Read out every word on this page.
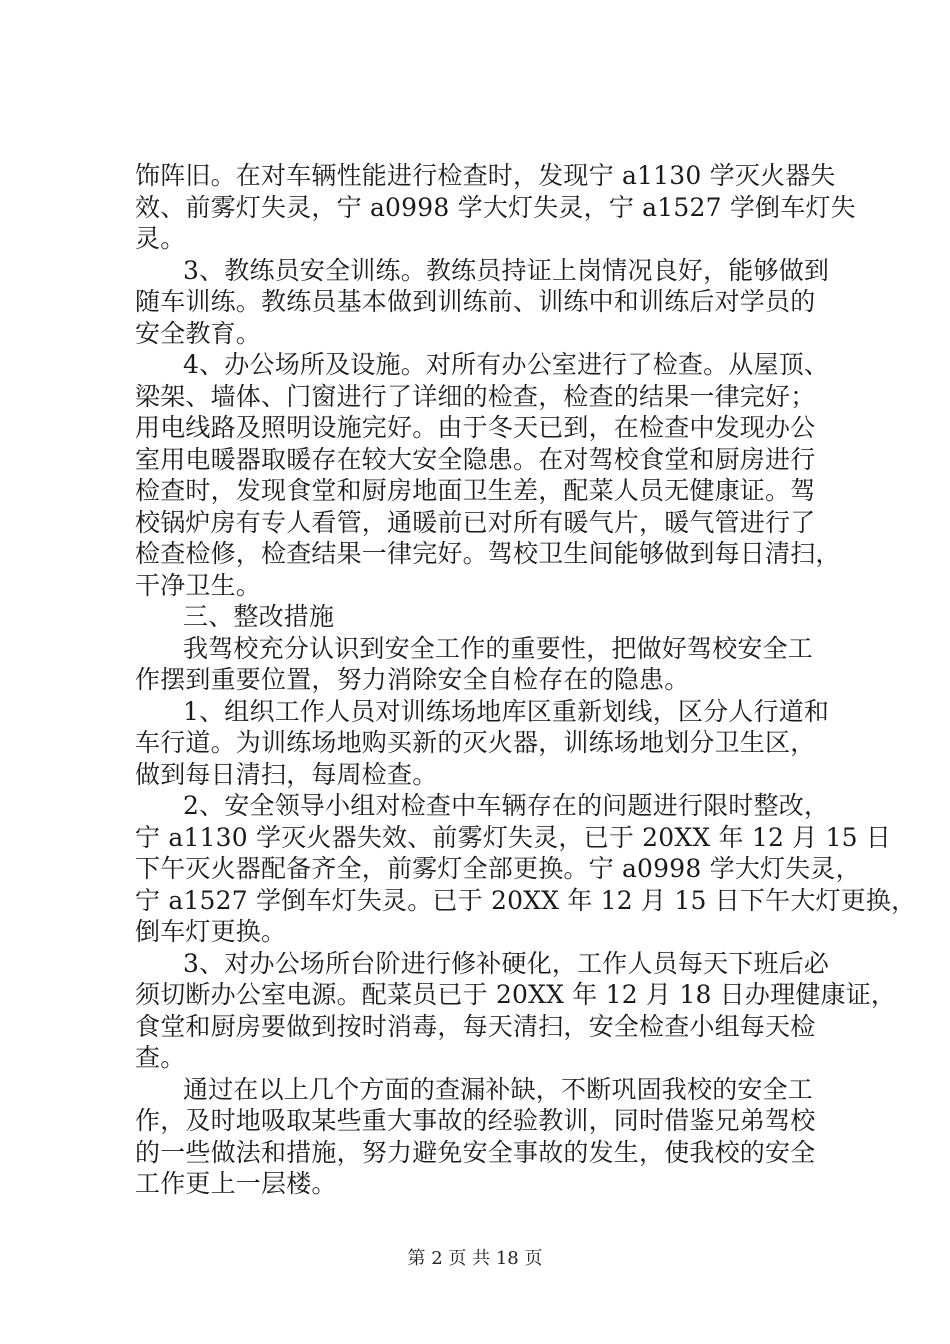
饰阵旧。在对车辆性能进行检查时，发现宁 a1130 学灭火器失
效、前雾灯失灵，宁 a0998 学大灯失灵，宁 a1527 学倒车灯失
灵。
3、教练员安全训练。教练员持证上岗情况良好，能够做到
随车训练。教练员基本做到训练前、训练中和训练后对学员的
安全教育。
4、办公场所及设施。对所有办公室进行了检查。从屋顶、
梁架、墙体、门窗进行了详细的检查，检查的结果一律完好；
用电线路及照明设施完好。由于冬天已到，在检查中发现办公
室用电暖器取暖存在较大安全隐患。在对驾校食堂和厨房进行
检查时，发现食堂和厨房地面卫生差，配菜人员无健康证。驾
校锅炉房有专人看管，通暖前已对所有暖气片，暖气管进行了
检查检修，检查结果一律完好。驾校卫生间能够做到每日清扫，
干净卫生。
三、整改措施
我驾校充分认识到安全工作的重要性，把做好驾校安全工
作摆到重要位置，努力消除安全自检存在的隐患。
1、组织工作人员对训练场地库区重新划线，区分人行道和
车行道。为训练场地购买新的灭火器，训练场地划分卫生区，
做到每日清扫，每周检查。
2、安全领导小组对检查中车辆存在的问题进行限时整改，
宁 a1130 学灭火器失效、前雾灯失灵，已于 20XX 年 12 月 15 日
下午灭火器配备齐全，前雾灯全部更换。宁 a0998 学大灯失灵，
宁 a1527 学倒车灯失灵。已于 20XX 年 12 月 15 日下午大灯更换，
倒车灯更换。
3、对办公场所台阶进行修补硬化，工作人员每天下班后必
须切断办公室电源。配菜员已于 20XX 年 12 月 18 日办理健康证，
食堂和厨房要做到按时消毒，每天清扫，安全检查小组每天检
查。
通过在以上几个方面的查漏补缺，不断巩固我校的安全工
作，及时地吸取某些重大事故的经验教训，同时借鉴兄弟驾校
的一些做法和措施，努力避免安全事故的发生，使我校的安全
工作更上一层楼。
第 2 页 共 18 页
